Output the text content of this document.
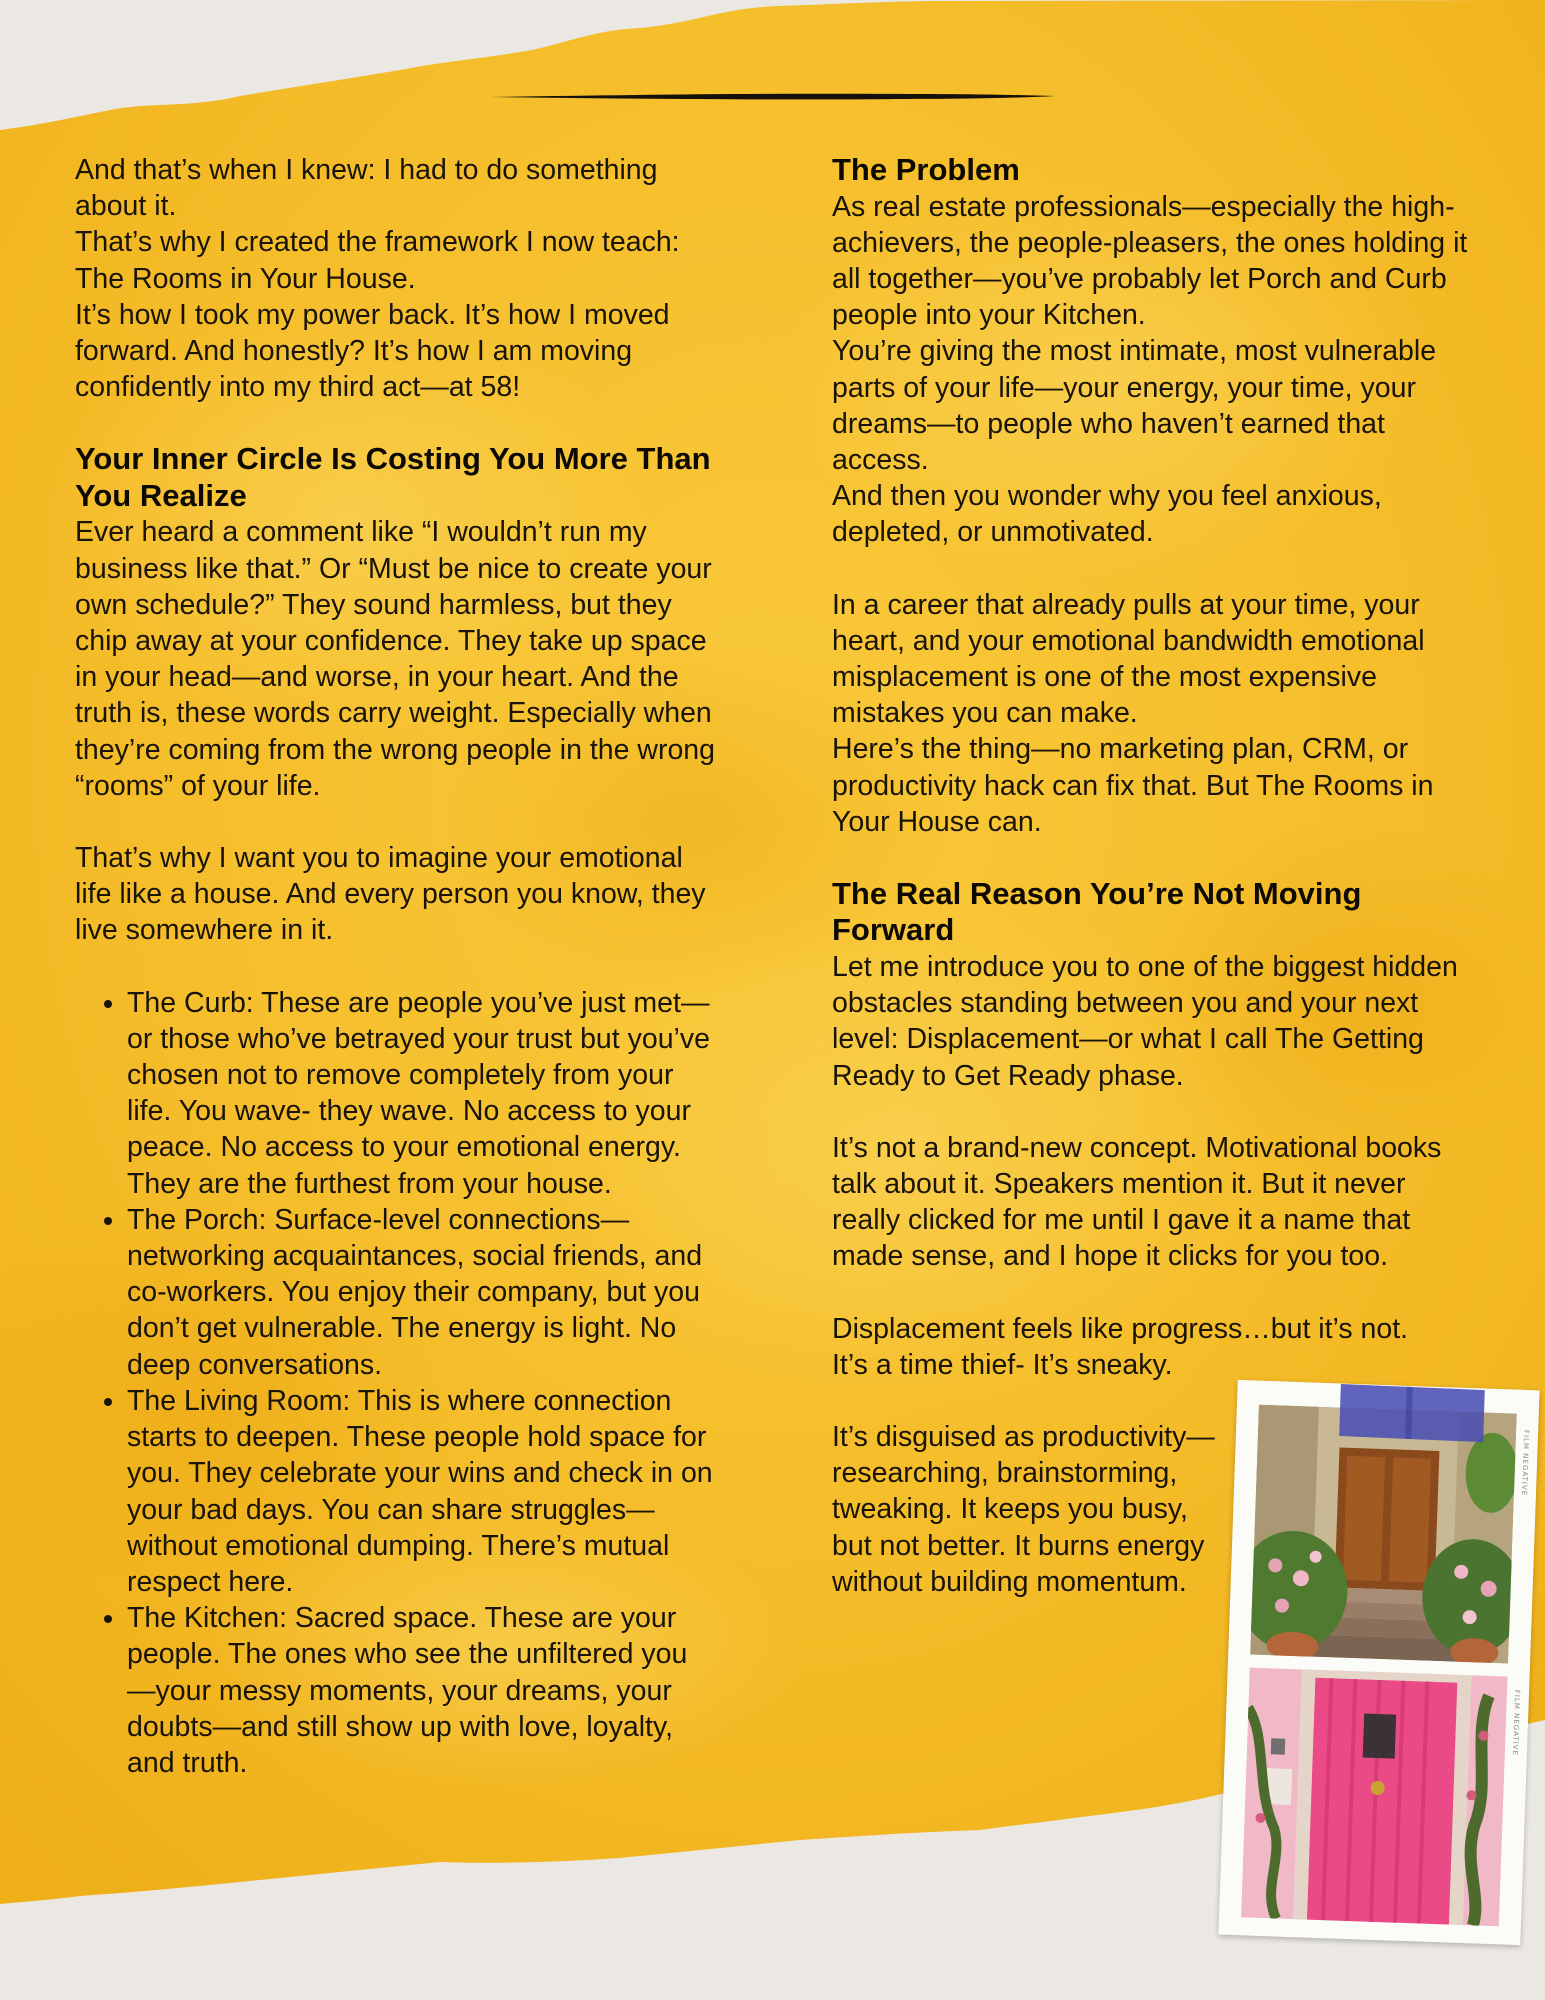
And that’s when I knew: I had to do something about it.

That’s why I created the framework I now teach: The Rooms in Your House.

It’s how I took my power back. It’s how I moved forward. And honestly? It’s how I am moving confidently into my third act—at 58!

Your Inner Circle Is Costing You More Than You Realize

Ever heard a comment like “I wouldn’t run my business like that.” Or “Must be nice to create your own schedule?” They sound harmless, but they chip away at your confidence. They take up space in your head—and worse, in your heart. And the truth is, these words carry weight. Especially when they’re coming from the wrong people in the wrong “rooms” of your life.

That’s why I want you to imagine your emotional life like a house. And every person you know, they live somewhere in it.

• The Curb: These are people you’ve just met—or those who’ve betrayed your trust but you’ve chosen not to remove completely from your life. You wave- they wave. No access to your peace. No access to your emotional energy. They are the furthest from your house.
• The Porch: Surface-level connections—networking acquaintances, social friends, and co-workers. You enjoy their company, but you don’t get vulnerable. The energy is light. No deep conversations.
• The Living Room: This is where connection starts to deepen. These people hold space for you. They celebrate your wins and check in on your bad days. You can share struggles—without emotional dumping. There’s mutual respect here.
• The Kitchen: Sacred space. These are your people. The ones who see the unfiltered you—your messy moments, your dreams, your doubts—and still show up with love, loyalty, and truth.
The Problem

As real estate professionals—especially the high-achievers, the people-pleasers, the ones holding it all together—you’ve probably let Porch and Curb people into your Kitchen.

You’re giving the most intimate, most vulnerable parts of your life—your energy, your time, your dreams—to people who haven’t earned that access.

And then you wonder why you feel anxious, depleted, or unmotivated.

In a career that already pulls at your time, your heart, and your emotional bandwidth emotional misplacement is one of the most expensive mistakes you can make.

Here’s the thing—no marketing plan, CRM, or productivity hack can fix that. But The Rooms in Your House can.

The Real Reason You’re Not Moving Forward

Let me introduce you to one of the biggest hidden obstacles standing between you and your next level: Displacement—or what I call The Getting Ready to Get Ready phase.

It’s not a brand-new concept. Motivational books talk about it. Speakers mention it. But it never really clicked for me until I gave it a name that made sense, and I hope it clicks for you too.

Displacement feels like progress…but it’s not.

It’s a time thief- It’s sneaky.

It’s disguised as productivity—researching, brainstorming, tweaking. It keeps you busy, but not better. It burns energy without building momentum.

FILM NEGATIVE
FILM NEGATIVE
